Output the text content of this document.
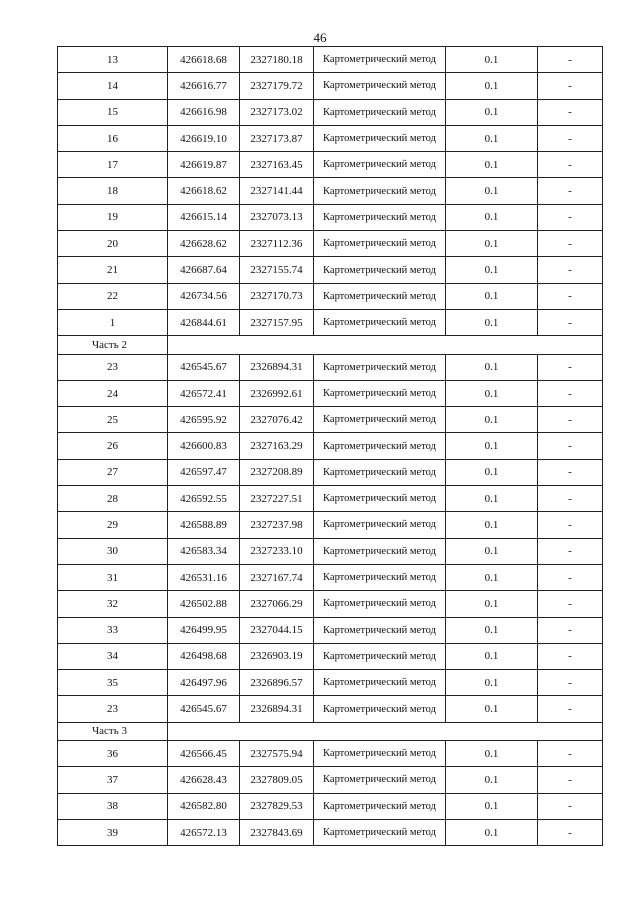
46
13	426618.68	2327180.18	Картометрический метод	0.1	-
14	426616.77	2327179.72	Картометрический метод	0.1	-
15	426616.98	2327173.02	Картометрический метод	0.1	-
16	426619.10	2327173.87	Картометрический метод	0.1	-
17	426619.87	2327163.45	Картометрический метод	0.1	-
18	426618.62	2327141.44	Картометрический метод	0.1	-
19	426615.14	2327073.13	Картометрический метод	0.1	-
20	426628.62	2327112.36	Картометрический метод	0.1	-
21	426687.64	2327155.74	Картометрический метод	0.1	-
22	426734.56	2327170.73	Картометрический метод	0.1	-
1	426844.61	2327157.95	Картометрический метод	0.1	-
Часть 2					
23	426545.67	2326894.31	Картометрический метод	0.1	-
24	426572.41	2326992.61	Картометрический метод	0.1	-
25	426595.92	2327076.42	Картометрический метод	0.1	-
26	426600.83	2327163.29	Картометрический метод	0.1	-
27	426597.47	2327208.89	Картометрический метод	0.1	-
28	426592.55	2327227.51	Картометрический метод	0.1	-
29	426588.89	2327237.98	Картометрический метод	0.1	-
30	426583.34	2327233.10	Картометрический метод	0.1	-
31	426531.16	2327167.74	Картометрический метод	0.1	-
32	426502.88	2327066.29	Картометрический метод	0.1	-
33	426499.95	2327044.15	Картометрический метод	0.1	-
34	426498.68	2326903.19	Картометрический метод	0.1	-
35	426497.96	2326896.57	Картометрический метод	0.1	-
23	426545.67	2326894.31	Картометрический метод	0.1	-
Часть 3					
36	426566.45	2327575.94	Картометрический метод	0.1	-
37	426628.43	2327809.05	Картометрический метод	0.1	-
38	426582.80	2327829.53	Картометрический метод	0.1	-
39	426572.13	2327843.69	Картометрический метод	0.1	-
